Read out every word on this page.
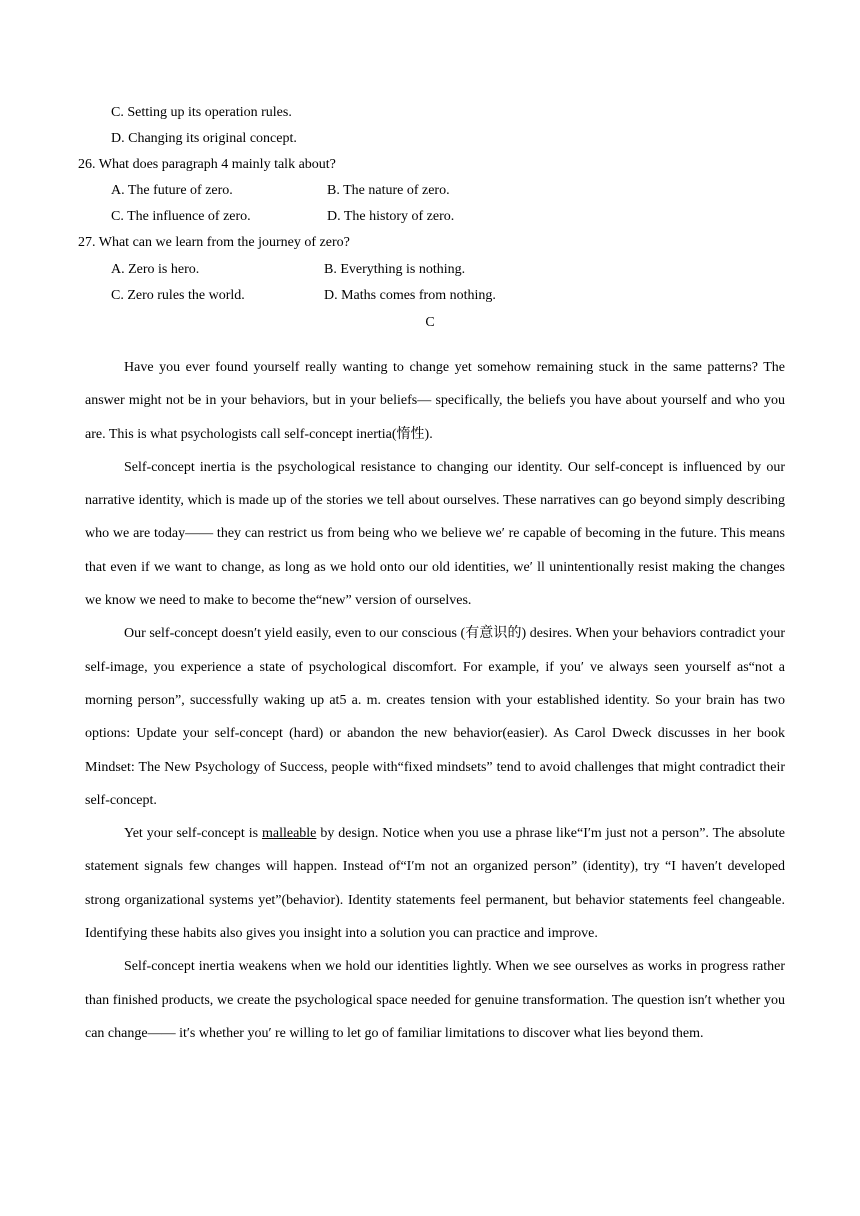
C. Setting up its operation rules.
D. Changing its original concept.
26. What does paragraph 4 mainly talk about?
A. The future of zero.	B. The nature of zero.
C. The influence of zero.	D. The history of zero.
27. What can we learn from the journey of zero?
A. Zero is hero.	B. Everything is nothing.
C. Zero rules the world.	D. Maths comes from nothing.
C

Have you ever found yourself really wanting to change yet somehow remaining stuck in the same patterns? The answer might not be in your behaviors, but in your beliefs— specifically, the beliefs you have about yourself and who you are. This is what psychologists call self-concept inertia(惰性).

Self-concept inertia is the psychological resistance to changing our identity. Our self-concept is influenced by our narrative identity, which is made up of the stories we tell about ourselves. These narratives can go beyond simply describing who we are today—— they can restrict us from being who we believe we′ re capable of becoming in the future. This means that even if we want to change, as long as we hold onto our old identities, we′ ll unintentionally resist making the changes we know we need to make to become the“new” version of ourselves.

Our self-concept doesn′t yield easily, even to our conscious (有意识的) desires. When your behaviors contradict your self-image, you experience a state of psychological discomfort. For example, if you′ ve always seen yourself as“not a morning person”, successfully waking up at5 a. m. creates tension with your established identity. So your brain has two options: Update your self-concept (hard) or abandon the new behavior(easier). As Carol Dweck discusses in her book Mindset: The New Psychology of Success, people with“fixed mindsets” tend to avoid challenges that might contradict their self-concept.

Yet your self-concept is malleable by design. Notice when you use a phrase like“I′m just not a person”. The absolute statement signals few changes will happen. Instead of“I′m not an organized person” (identity), try “I haven′t developed strong organizational systems yet”(behavior). Identity statements feel permanent, but behavior statements feel changeable. Identifying these habits also gives you insight into a solution you can practice and improve.

Self-concept inertia weakens when we hold our identities lightly. When we see ourselves as works in progress rather than finished products, we create the psychological space needed for genuine transformation. The question isn′t whether you can change—— it′s whether you′ re willing to let go of familiar limitations to discover what lies beyond them.
